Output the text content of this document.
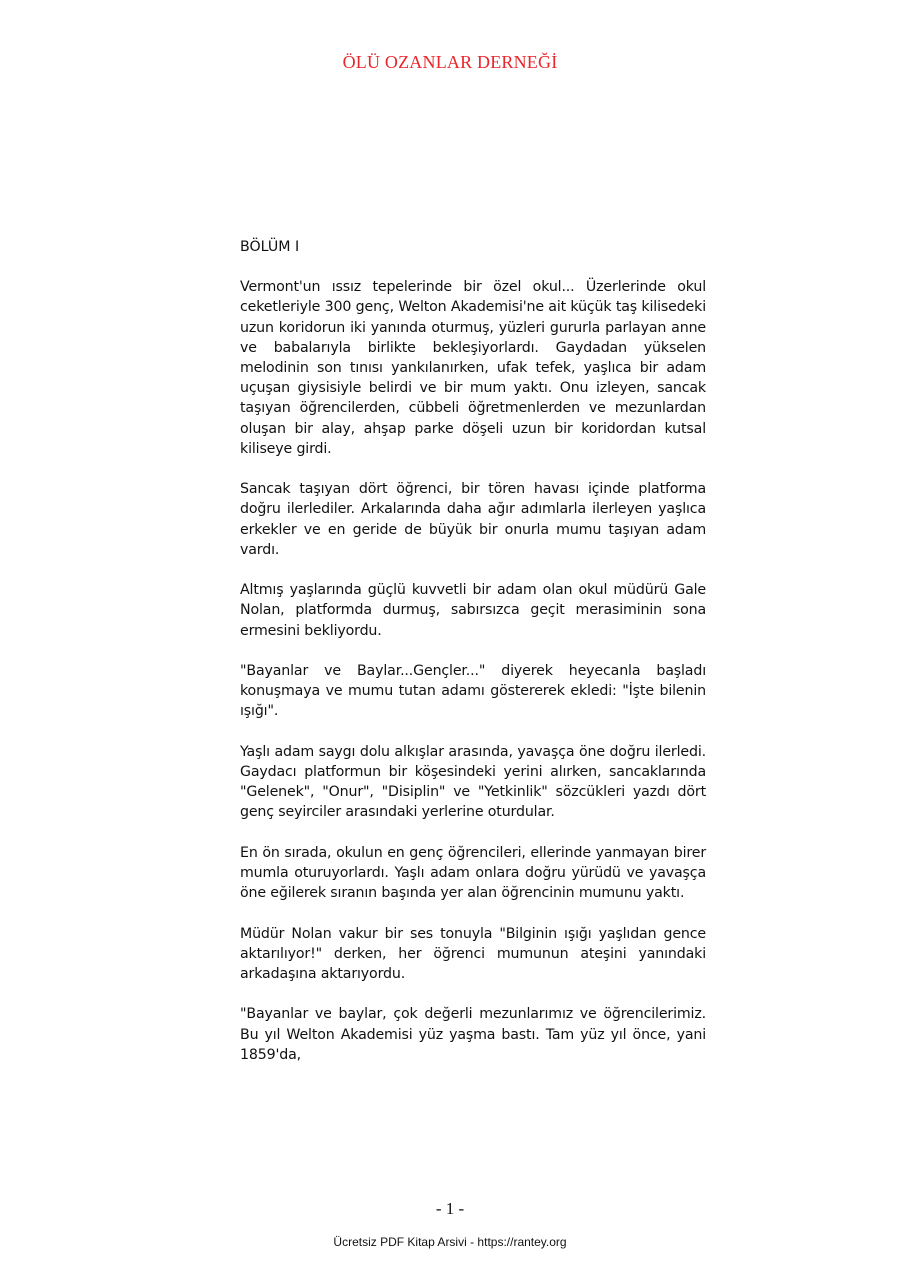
ÖLÜ OZANLAR DERNEĞİ
BÖLÜM I

Vermont'un ıssız tepelerinde bir özel okul... Üzerlerinde okul ceketleriyle 300 genç, Welton Akademisi'ne ait küçük taş kilisedeki uzun koridorun iki yanında oturmuş, yüzleri gururla parlayan anne ve babalarıyla birlikte bekleşiyorlardı. Gaydadan yükselen melodinin son tınısı yankılanırken, ufak tefek, yaşlıca bir adam uçuşan giysisiyle belirdi ve bir mum yaktı. Onu izleyen, sancak taşıyan öğrencilerden, cübbeli öğretmenlerden ve mezunlardan oluşan bir alay, ahşap parke döşeli uzun bir koridordan kutsal kiliseye girdi.

Sancak taşıyan dört öğrenci, bir tören havası içinde platforma doğru ilerlediler. Arkalarında daha ağır adımlarla ilerleyen yaşlıca erkekler ve en geride de büyük bir onurla mumu taşıyan adam vardı.

Altmış yaşlarında güçlü kuvvetli bir adam olan okul müdürü Gale Nolan, platformda durmuş, sabırsızca geçit merasiminin sona ermesini bekliyordu.

"Bayanlar ve Baylar...Gençler..." diyerek heyecanla başladı konuşmaya ve mumu tutan adamı göstererek ekledi: "İşte bilenin ışığı".

Yaşlı adam saygı dolu alkışlar arasında, yavaşça öne doğru ilerledi. Gaydacı platformun bir köşesindeki yerini alırken, sancaklarında "Gelenek", "Onur", "Disiplin" ve "Yetkinlik" sözcükleri yazdı dört genç seyirciler arasındaki yerlerine oturdular.

En ön sırada, okulun en genç öğrencileri, ellerinde yanmayan birer mumla oturuyorlardı. Yaşlı adam onlara doğru yürüdü ve yavaşça öne eğilerek sıranın başında yer alan öğrencinin mumunu yaktı.

Müdür Nolan vakur bir ses tonuyla "Bilginin ışığı yaşlıdan gence aktarılıyor!" derken, her öğrenci mumunun ateşini yanındaki arkadaşına aktarıyordu.

"Bayanlar ve baylar, çok değerli mezunlarımız ve öğrencilerimiz. Bu yıl Welton Akademisi yüz yaşma bastı. Tam yüz yıl önce, yani 1859'da,

- 1 -
Ücretsiz PDF Kitap Arsivi - https://rantey.org
